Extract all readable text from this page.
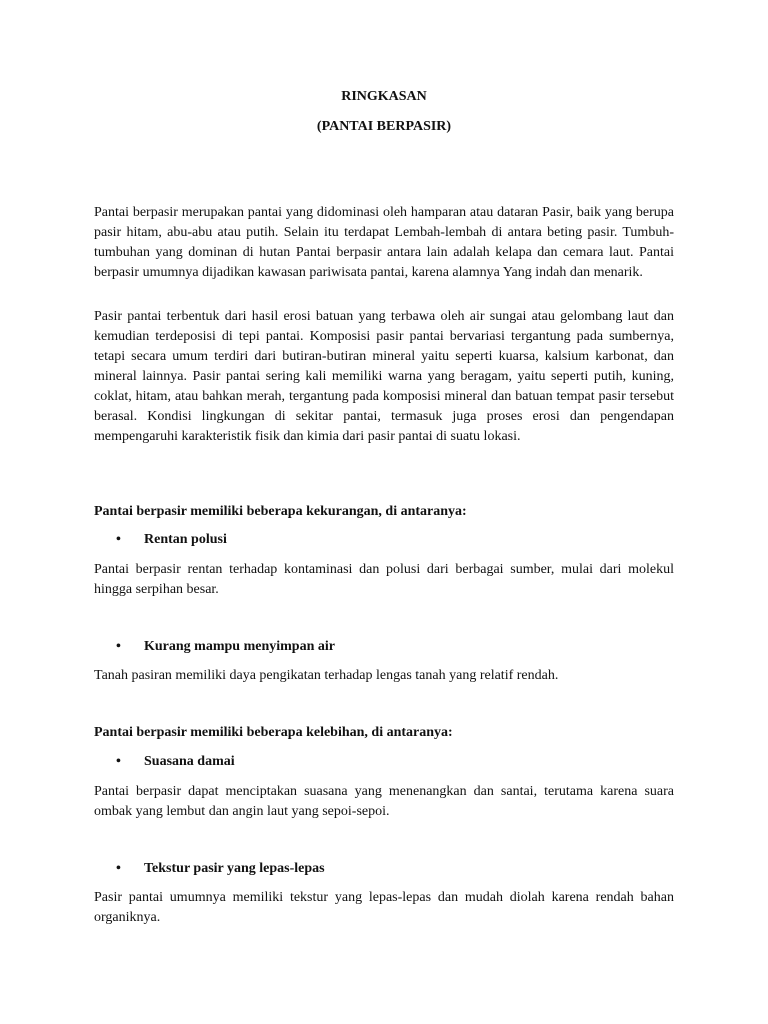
RINGKASAN
(PANTAI BERPASIR)

Pantai berpasir merupakan pantai yang didominasi oleh hamparan atau dataran Pasir, baik yang berupa pasir hitam, abu-abu atau putih. Selain itu terdapat Lembah-lembah di antara beting pasir. Tumbuh-tumbuhan yang dominan di hutan Pantai berpasir antara lain adalah kelapa dan cemara laut. Pantai berpasir umumnya dijadikan kawasan pariwisata pantai, karena alamnya Yang indah dan menarik.

Pasir pantai terbentuk dari hasil erosi batuan yang terbawa oleh air sungai atau gelombang laut dan kemudian terdeposisi di tepi pantai. Komposisi pasir pantai bervariasi tergantung pada sumbernya, tetapi secara umum terdiri dari butiran-butiran mineral yaitu seperti kuarsa, kalsium karbonat, dan mineral lainnya. Pasir pantai sering kali memiliki warna yang beragam, yaitu seperti putih, kuning, coklat, hitam, atau bahkan merah, tergantung pada komposisi mineral dan batuan tempat pasir tersebut berasal. Kondisi lingkungan di sekitar pantai, termasuk juga proses erosi dan pengendapan mempengaruhi karakteristik fisik dan kimia dari pasir pantai di suatu lokasi.

Pantai berpasir memiliki beberapa kekurangan, di antaranya:

• Rentan polusi

Pantai berpasir rentan terhadap kontaminasi dan polusi dari berbagai sumber, mulai dari molekul hingga serpihan besar.

• Kurang mampu menyimpan air

Tanah pasiran memiliki daya pengikatan terhadap lengas tanah yang relatif rendah.

Pantai berpasir memiliki beberapa kelebihan, di antaranya:

• Suasana damai

Pantai berpasir dapat menciptakan suasana yang menenangkan dan santai, terutama karena suara ombak yang lembut dan angin laut yang sepoi-sepoi.

• Tekstur pasir yang lepas-lepas

Pasir pantai umumnya memiliki tekstur yang lepas-lepas dan mudah diolah karena rendah bahan organiknya.
